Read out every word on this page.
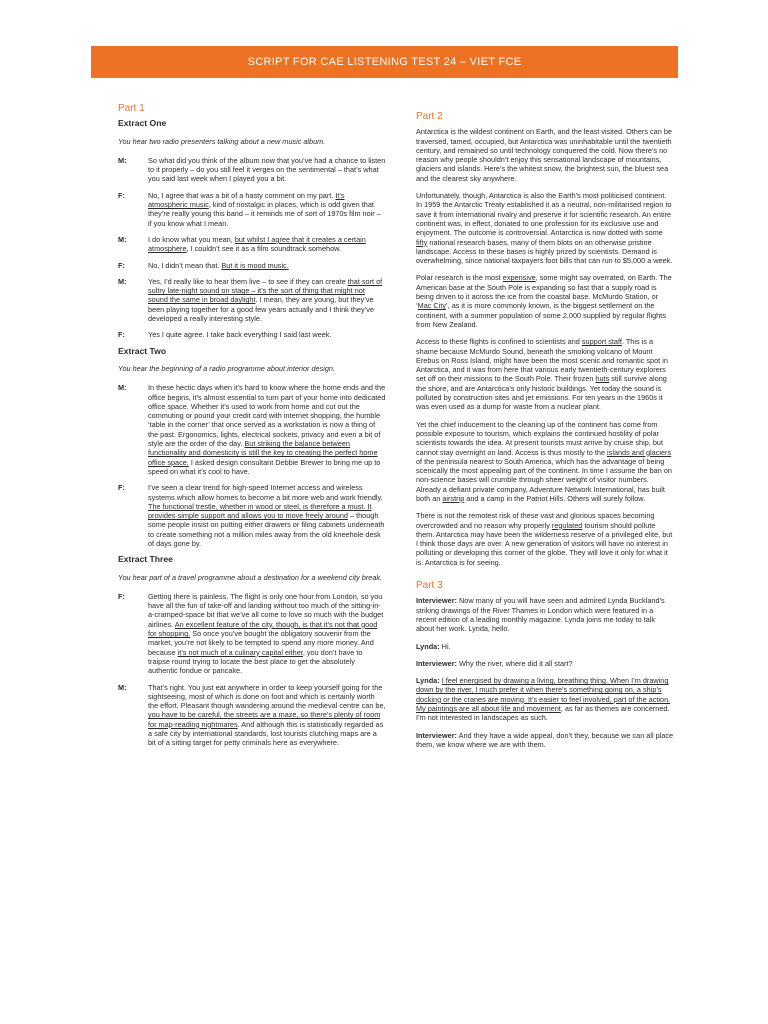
SCRIPT FOR CAE LISTENING TEST 24 – VIET FCE
Part 1
Extract One
You hear two radio presenters talking about a new music album.
M:	So what did you think of the album now that you’ve had a chance to listen to it properly – do you still feel it verges on the sentimental – that’s what you said last week when I played you a bit.
F:	No, I agree that was a bit of a hasty comment on my part. It’s atmospheric music, kind of nostalgic in places, which is odd given that they’re really young this band – it reminds me of sort of 1970s film noir – if you know what I mean.
M:	I do know what you mean, but whilst I agree that it creates a certain atmosphere, I couldn’t see it as a film soundtrack somehow.
F:	No, I didn’t mean that. But it is mood music.
M:	Yes, I’d really like to hear them live – to see if they can create that sort of sultry late-night sound on stage – it’s the sort of thing that might not sound the same in broad daylight. I mean, they are young, but they’ve been playing together for a good few years actually and I think they’ve developed a really interesting style.
F:	Yes I quite agree. I take back everything I said last week.
Extract Two
You hear the beginning of a radio programme about interior design.
M:	In these hectic days when it’s hard to know where the home ends and the office begins, it’s almost essential to turn part of your home into dedicated office space. Whether it’s used to work from home and cut out the commuting or pound your credit card with internet shopping, the humble ‘table in the corner’ that once served as a workstation is now a thing of the past. Ergonomics, lights, electrical sockets, privacy and even a bit of style are the order of the day. But striking the balance between functionality and domesticity is still the key to creating the perfect home office space. I asked design consultant Debbie Brewer to bring me up to speed on what it’s cool to have.
F:	I’ve seen a clear trend for high-speed Internet access and wireless systems which allow homes to become a bit more web and work friendly. The functional trestle, whether in wood or steel, is therefore a must. It provides simple support and allows you to move freely around – though some people insist on putting either drawers or filing cabinets underneath to create something not a million miles away from the old kneehole desk of days gone by.
Extract Three
You hear part of a travel programme about a destination for a weekend city break.
F:	Getting there is painless. The flight is only one hour from London, so you have all the fun of take-off and landing without too much of the sitting-in-a-cramped-space bit that we’ve all come to love so much with the budget airlines. An excellent feature of the city, though, is that it’s not that good for shopping. So once you’ve bought the obligatory souvenir from the market, you’re not likely to be tempted to spend any more money. And because it’s not much of a culinary capital either, you don’t have to traipse round trying to locate the best place to get the absolutely authentic fondue or pancake.
M:	That’s right. You just eat anywhere in order to keep yourself going for the sightseeing, most of which is done on foot and which is certainly worth the effort. Pleasant though wandering around the medieval centre can be, you have to be careful, the streets are a maze, so there’s plenty of room for map-reading nightmares. And although this is statistically regarded as a safe city by international standards, lost tourists clutching maps are a bit of a sitting target for petty criminals here as everywhere.
Part 2

Antarctica is the wildest continent on Earth, and the least visited. Others can be traversed, tamed, occupied, but Antarctica was uninhabitable until the twentieth century, and remained so until technology conquered the cold. Now there’s no reason why people shouldn’t enjoy this sensational landscape of mountains, glaciers and islands. Here’s the whitest snow, the brightest sun, the bluest sea and the clearest sky anywhere.

Unfortunately, though, Antarctica is also the Earth’s most politicised continent. In 1959 the Antarctic Treaty established it as a neutral, non-militarised region to save it from international rivalry and preserve it for scientific research. An entire continent was, in effect, donated to one profession for its exclusive use and enjoyment. The outcome is controversial. Antarctica is now dotted with some fifty national research bases, many of them blots on an otherwise pristine landscape. Access to these bases is highly prized by scientists. Demand is overwhelming, since national taxpayers foot bills that can run to $5,000 a week.

Polar research is the most expensive, some might say overrated, on Earth. The American base at the South Pole is expanding so fast that a supply road is being driven to it across the ice from the coastal base. McMurdo Station, or ‘Mac City’, as it is more commonly known, is the biggest settlement on the continent, with a summer population of some 2,000 supplied by regular flights from New Zealand.

Access to these flights is confined to scientists and support staff. This is a shame because McMurdo Sound, beneath the smoking volcano of Mount Erebus on Ross Island, might have been the most scenic and romantic spot in Antarctica, and it was from here that various early twentieth-century explorers set off on their missions to the South Pole. Their frozen huts still survive along the shore, and are Antarctica’s only historic buildings. Yet today the sound is polluted by construction sites and jet emissions. For ten years in the 1960s it was even used as a dump for waste from a nuclear plant.

Yet the chief inducement to the cleaning up of the continent has come from possible exposure to tourism, which explains the continued hostility of polar scientists towards the idea. At present tourists must arrive by cruise ship, but cannot stay overnight on land. Access is thus mostly to the islands and glaciers of the peninsula nearest to South America, which has the advantage of being scenically the most appealing part of the continent. In time I assume the ban on non-science bases will crumble through sheer weight of visitor numbers. Already a defiant private company, Adventure Network International, has built both an airstrip and a camp in the Patriot Hills. Others will surely follow.

There is not the remotest risk of these vast and glorious spaces becoming overcrowded and no reason why properly regulated tourism should pollute them. Antarctica may have been the wilderness reserve of a privileged elite, but I think those days are over. A new generation of visitors will have no interest in polluting or developing this corner of the globe. They will love it only for what it is. Antarctica is for seeing.

Part 3

Interviewer: Now many of you will have seen and admired Lynda Buckland’s striking drawings of the River Thames in London which were featured in a recent edition of a leading monthly magazine. Lynda joins me today to talk about her work. Lynda, hello.

Lynda: Hi.

Interviewer: Why the river, where did it all start?

Lynda: I feel energised by drawing a living, breathing thing. When I’m drawing down by the river, I much prefer it when there’s something going on, a ship’s docking or the cranes are moving. It’s easier to feel involved, part of the action. My paintings are all about life and movement, as far as themes are concerned. I’m not interested in landscapes as such.

Interviewer: And they have a wide appeal, don’t they, because we can all place them, we know where we are with them.
